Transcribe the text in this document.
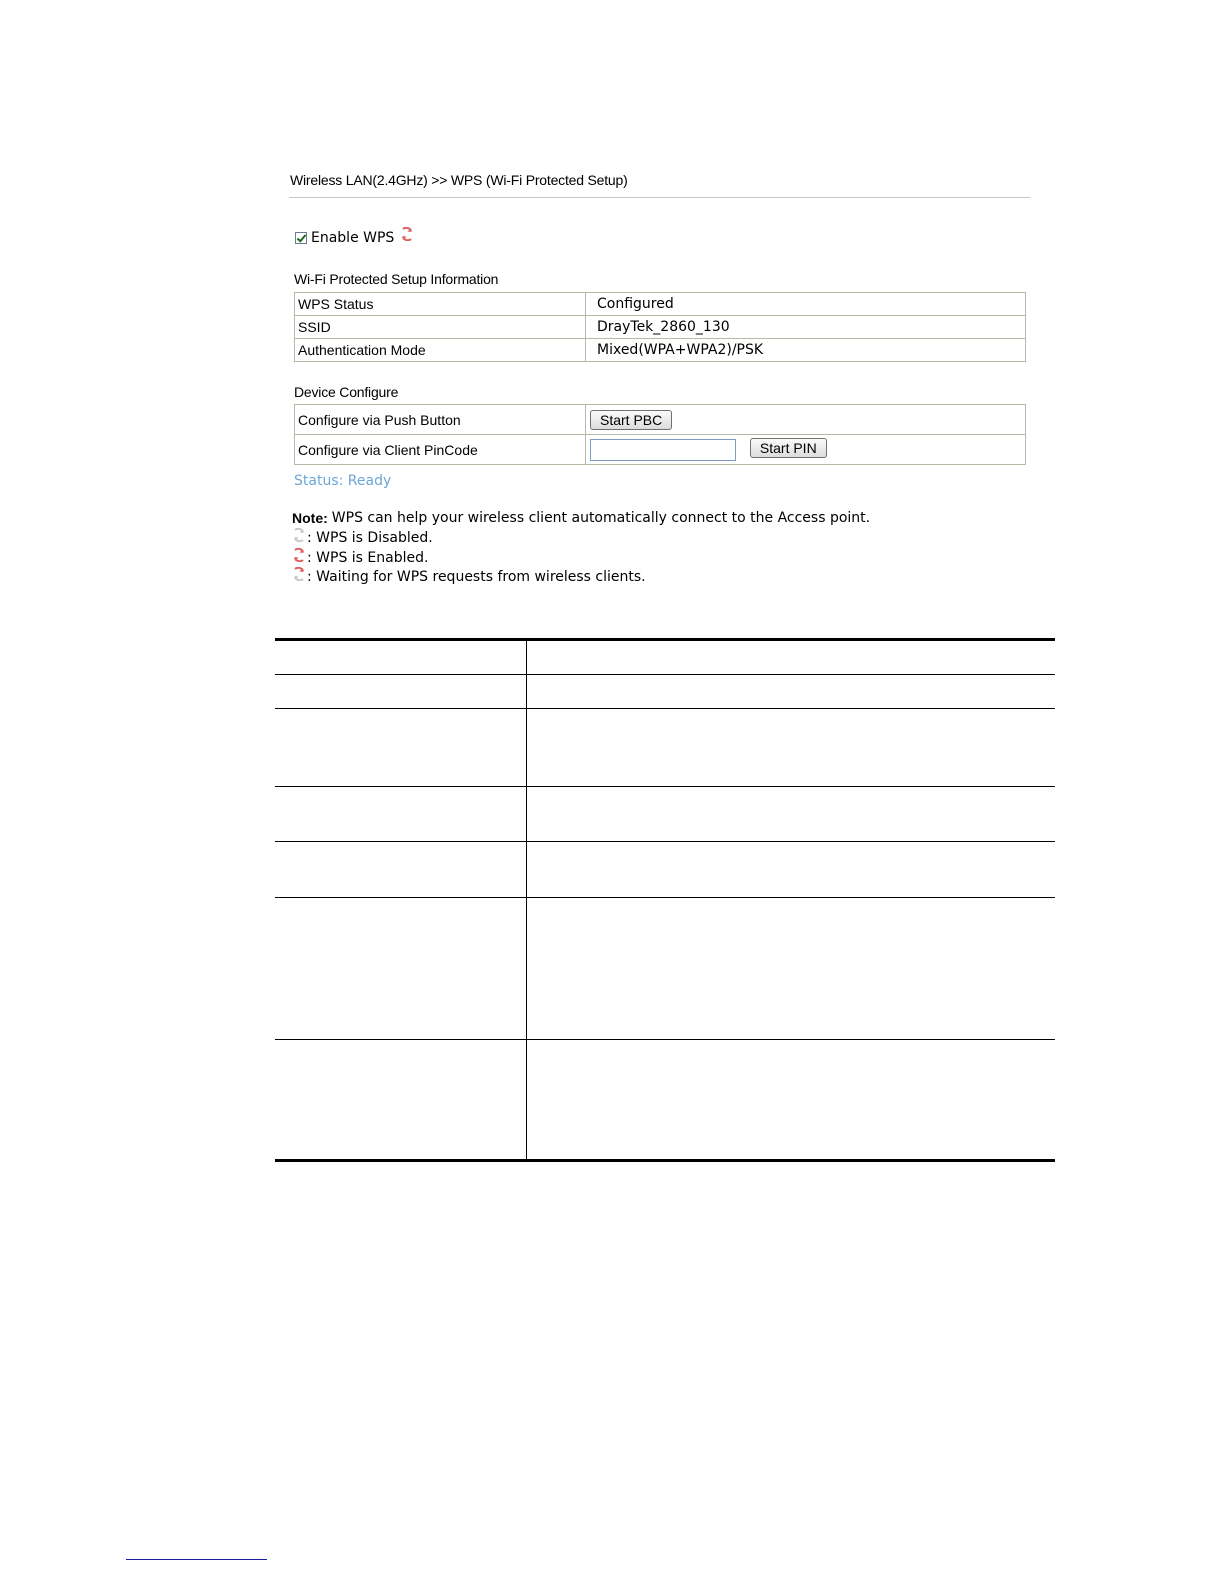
Wireless LAN(2.4GHz) >> WPS (Wi-Fi Protected Setup)
Enable WPS
Wi-Fi Protected Setup Information
WPS Status	Configured
SSID	DrayTek_2860_130
Authentication Mode	Mixed(WPA+WPA2)/PSK
Device Configure
Configure via Push Button	Start PBC
Configure via Client PinCode	Start PIN
Status: Ready
Note: WPS can help your wireless client automatically connect to the Access point.
: WPS is Disabled.
: WPS is Enabled.
: Waiting for WPS requests from wireless clients.
